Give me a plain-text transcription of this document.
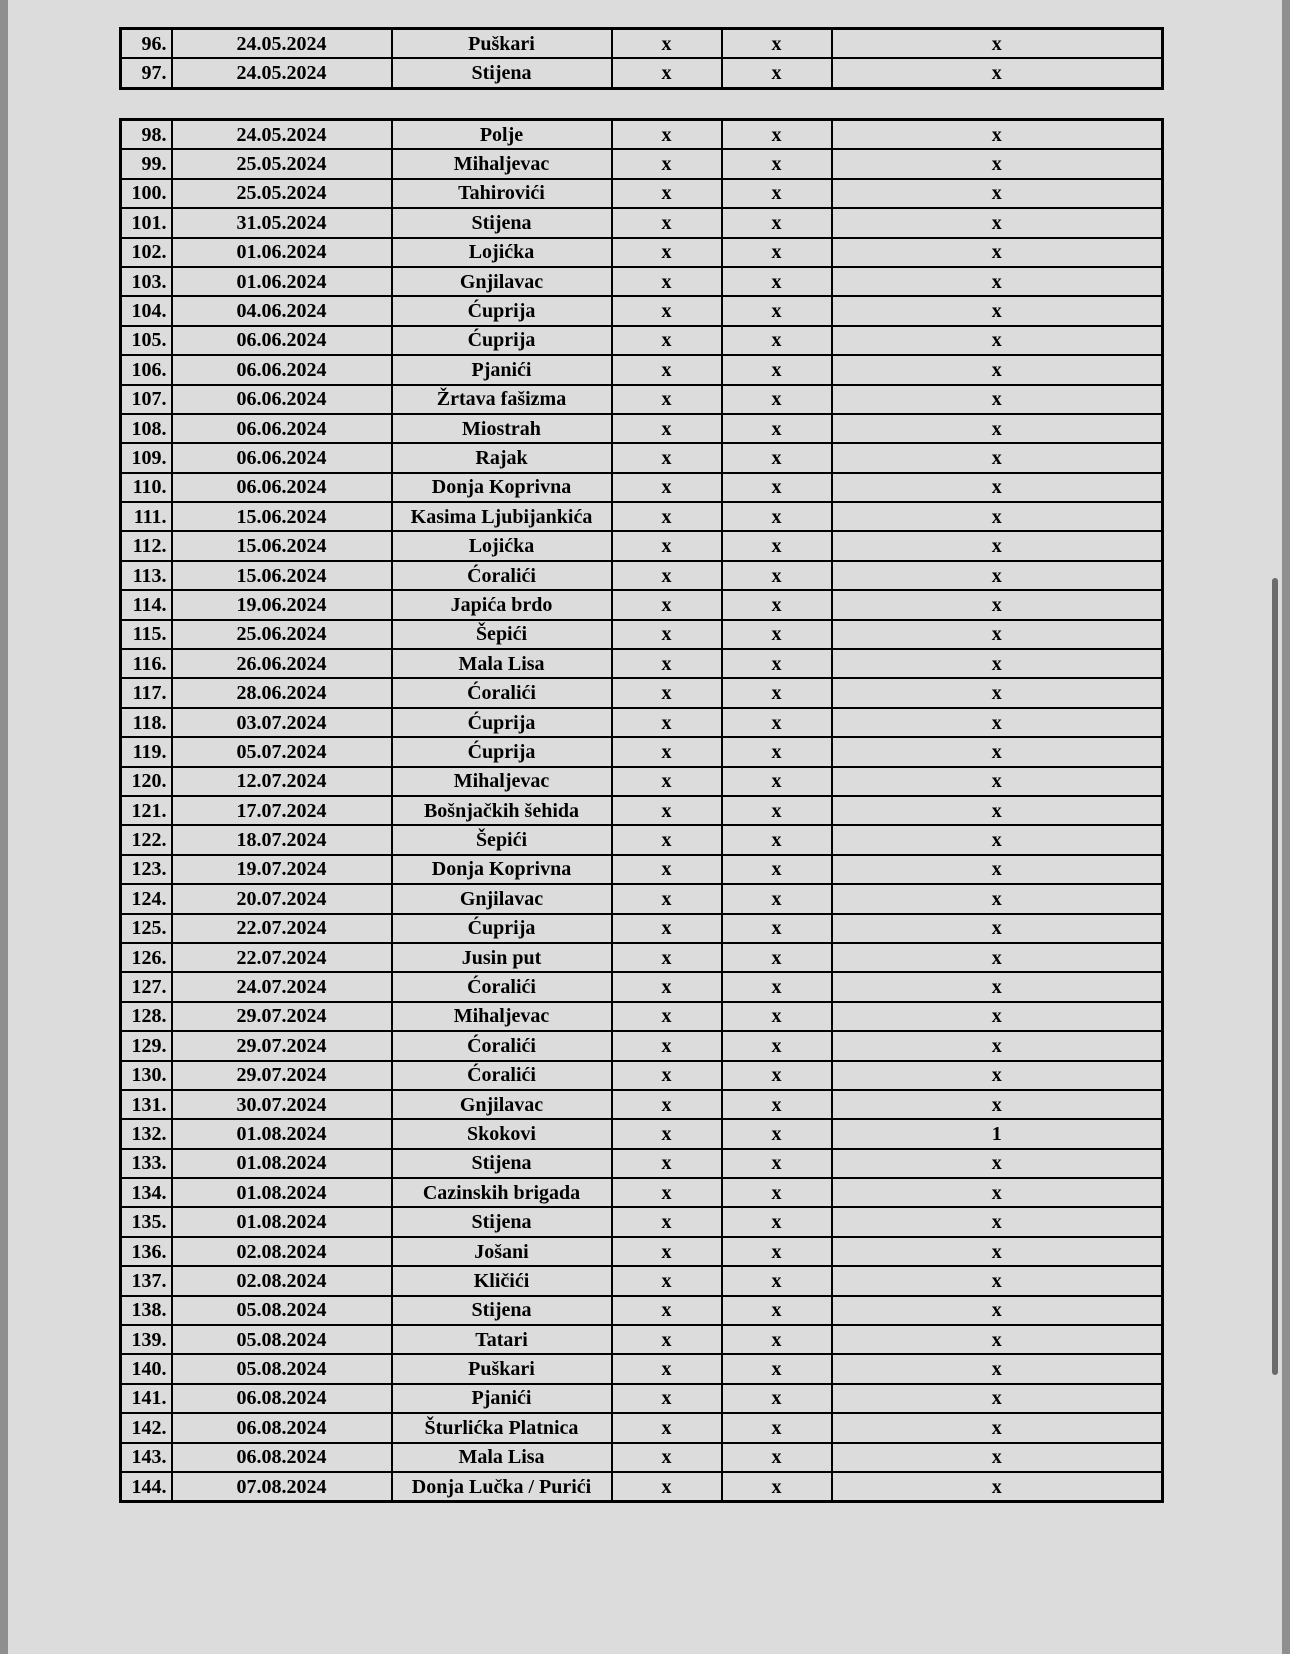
96.	24.05.2024	Puškari	x	x	x
97.	24.05.2024	Stijena	x	x	x
98.	24.05.2024	Polje	x	x	x
99.	25.05.2024	Mihaljevac	x	x	x
100.	25.05.2024	Tahirovići	x	x	x
101.	31.05.2024	Stijena	x	x	x
102.	01.06.2024	Lojićka	x	x	x
103.	01.06.2024	Gnjilavac	x	x	x
104.	04.06.2024	Ćuprija	x	x	x
105.	06.06.2024	Ćuprija	x	x	x
106.	06.06.2024	Pjanići	x	x	x
107.	06.06.2024	Žrtava fašizma	x	x	x
108.	06.06.2024	Miostrah	x	x	x
109.	06.06.2024	Rajak	x	x	x
110.	06.06.2024	Donja Koprivna	x	x	x
111.	15.06.2024	Kasima Ljubijankića	x	x	x
112.	15.06.2024	Lojićka	x	x	x
113.	15.06.2024	Ćoralići	x	x	x
114.	19.06.2024	Japića brdo	x	x	x
115.	25.06.2024	Šepići	x	x	x
116.	26.06.2024	Mala Lisa	x	x	x
117.	28.06.2024	Ćoralići	x	x	x
118.	03.07.2024	Ćuprija	x	x	x
119.	05.07.2024	Ćuprija	x	x	x
120.	12.07.2024	Mihaljevac	x	x	x
121.	17.07.2024	Bošnjačkih šehida	x	x	x
122.	18.07.2024	Šepići	x	x	x
123.	19.07.2024	Donja Koprivna	x	x	x
124.	20.07.2024	Gnjilavac	x	x	x
125.	22.07.2024	Ćuprija	x	x	x
126.	22.07.2024	Jusin put	x	x	x
127.	24.07.2024	Ćoralići	x	x	x
128.	29.07.2024	Mihaljevac	x	x	x
129.	29.07.2024	Ćoralići	x	x	x
130.	29.07.2024	Ćoralići	x	x	x
131.	30.07.2024	Gnjilavac	x	x	x
132.	01.08.2024	Skokovi	x	x	1
133.	01.08.2024	Stijena	x	x	x
134.	01.08.2024	Cazinskih brigada	x	x	x
135.	01.08.2024	Stijena	x	x	x
136.	02.08.2024	Jošani	x	x	x
137.	02.08.2024	Kličići	x	x	x
138.	05.08.2024	Stijena	x	x	x
139.	05.08.2024	Tatari	x	x	x
140.	05.08.2024	Puškari	x	x	x
141.	06.08.2024	Pjanići	x	x	x
142.	06.08.2024	Šturlićka Platnica	x	x	x
143.	06.08.2024	Mala Lisa	x	x	x
144.	07.08.2024	Donja Lučka / Purići	x	x	x
